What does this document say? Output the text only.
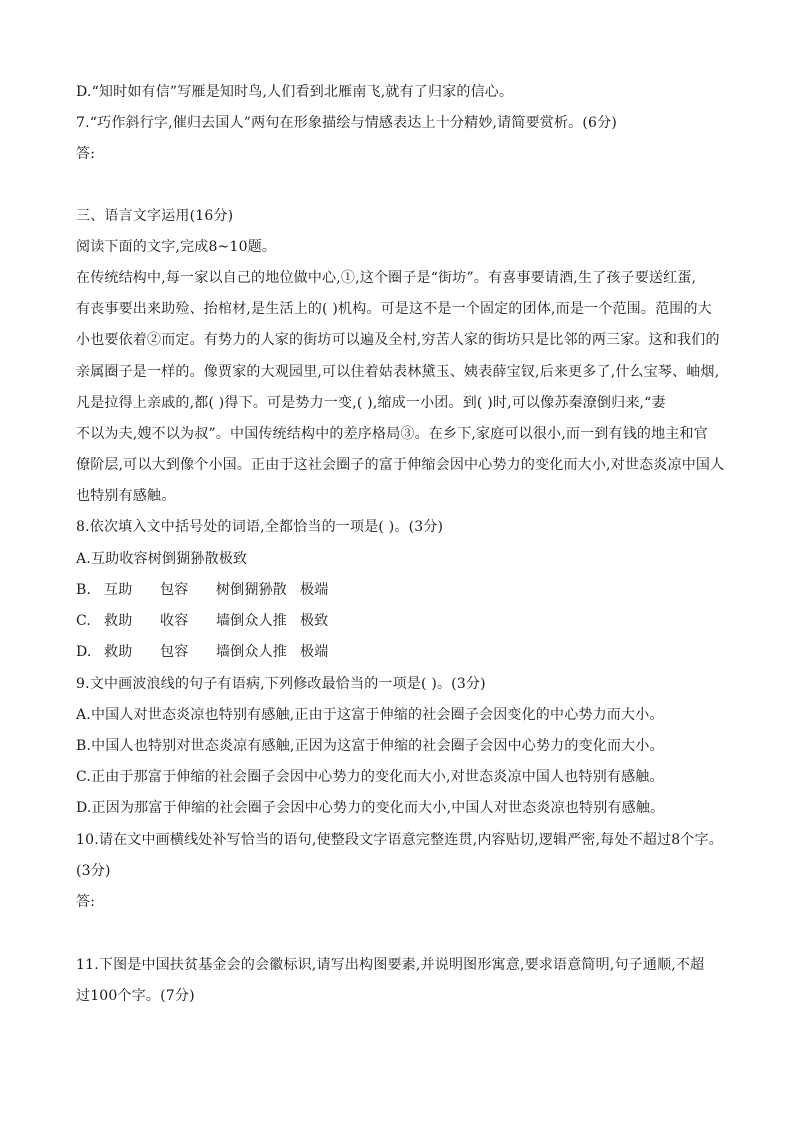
D.“知时如有信”写雁是知时鸟,人们看到北雁南飞,就有了归家的信心。
7.“巧作斜行字,催归去国人”两句在形象描绘与情感表达上十分精妙,请简要赏析。(6分)
答:
三、语言文字运用(16分)
阅读下面的文字,完成8~10题。
在传统结构中,每一家以自己的地位做中心,①,这个圈子是“街坊”。有喜事要请酒,生了孩子要送红蛋,
有丧事要出来助殓、抬棺材,是生活上的( )机构。可是这不是一个固定的团体,而是一个范围。范围的大
小也要依着②而定。有势力的人家的街坊可以遍及全村,穷苦人家的街坊只是比邻的两三家。这和我们的
亲属圈子是一样的。像贾家的大观园里,可以住着姑表林黛玉、姨表薛宝钗,后来更多了,什么宝琴、岫烟,
凡是拉得上亲戚的,都( )得下。可是势力一变,( ),缩成一小团。到( )时,可以像苏秦潦倒归来,“妻
不以为夫,嫂不以为叔”。中国传统结构中的差序格局③。在乡下,家庭可以很小,而一到有钱的地主和官
僚阶层,可以大到像个小国。正由于这社会圈子的富于伸缩会因中心势力的变化而大小,对世态炎凉中国人
也特别有感触。
8.依次填入文中括号处的词语,全都恰当的一项是( )。(3分)
A.互助收容树倒猢狲散极致
B. 互助 包容 树倒猢狲散 极端
C. 救助 收容 墙倒众人推 极致
D. 救助 包容 墙倒众人推 极端
9.文中画波浪线的句子有语病,下列修改最恰当的一项是( )。(3分)
A.中国人对世态炎凉也特别有感触,正由于这富于伸缩的社会圈子会因变化的中心势力而大小。
B.中国人也特别对世态炎凉有感触,正因为这富于伸缩的社会圈子会因中心势力的变化而大小。
C.正由于那富于伸缩的社会圈子会因中心势力的变化而大小,对世态炎凉中国人也特别有感触。
D.正因为那富于伸缩的社会圈子会因中心势力的变化而大小,中国人对世态炎凉也特别有感触。
10.请在文中画横线处补写恰当的语句,使整段文字语意完整连贯,内容贴切,逻辑严密,每处不超过8个字。
(3分)
答:
11.下图是中国扶贫基金会的会徽标识,请写出构图要素,并说明图形寓意,要求语意简明,句子通顺,不超
过100个字。(7分)
